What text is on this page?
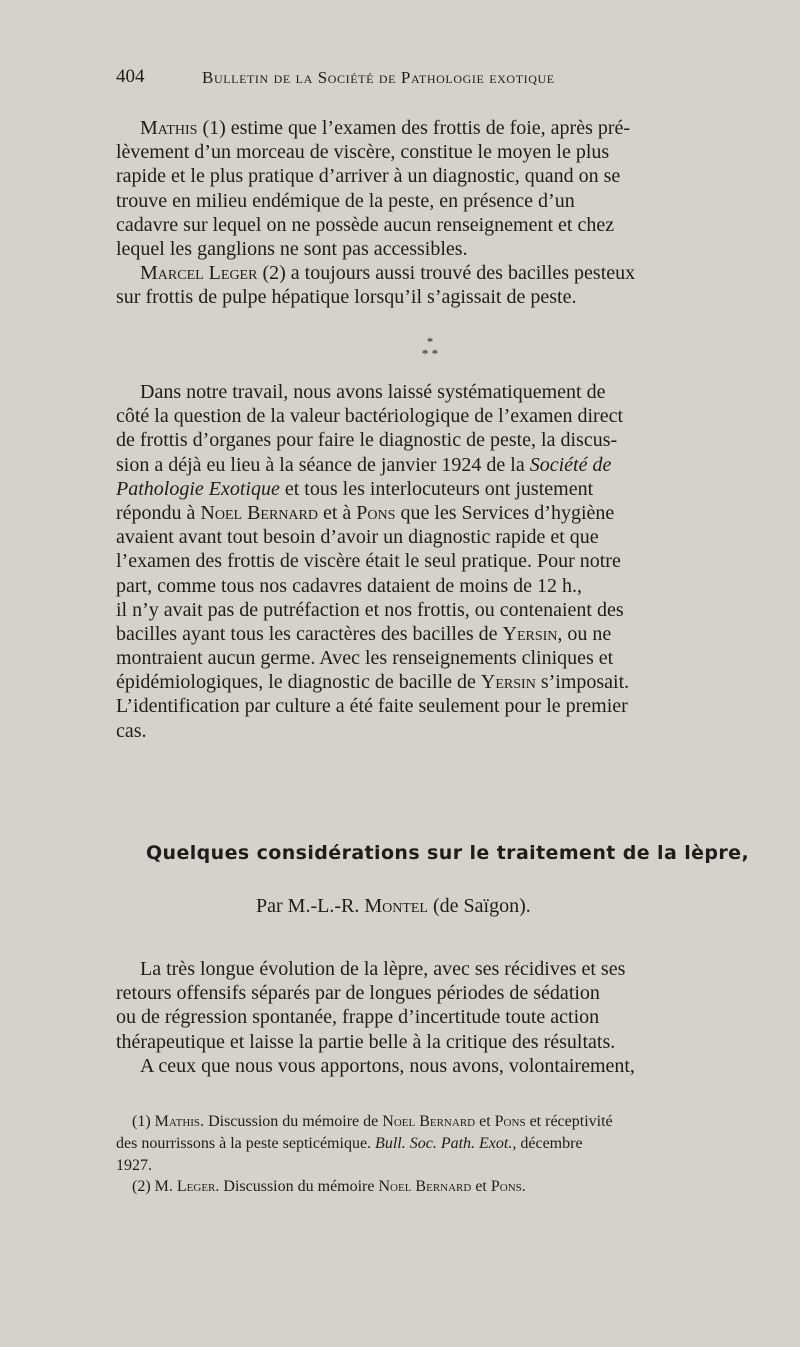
404	Bulletin de la Société de Pathologie exotique
Mathis (1) estime que l’examen des frottis de foie, après pré-
lèvement d’un morceau de viscère, constitue le moyen le plus
rapide et le plus pratique d’arriver à un diagnostic, quand on se
trouve en milieu endémique de la peste, en présence d’un
cadavre sur lequel on ne possède aucun renseignement et chez
lequel les ganglions ne sont pas accessibles.
Marcel Leger (2) a toujours aussi trouvé des bacilles pesteux
sur frottis de pulpe hépatique lorsqu’il s’agissait de peste.
*
* *
Dans notre travail, nous avons laissé systématiquement de
côté la question de la valeur bactériologique de l’examen direct
de frottis d’organes pour faire le diagnostic de peste, la discus-
sion a déjà eu lieu à la séance de janvier 1924 de la Société de
Pathologie Exotique et tous les interlocuteurs ont justement
répondu à Noel Bernard et à Pons que les Services d’hygiène
avaient avant tout besoin d’avoir un diagnostic rapide et que
l’examen des frottis de viscère était le seul pratique. Pour notre
part, comme tous nos cadavres dataient de moins de 12 h.,
il n’y avait pas de putréfaction et nos frottis, ou contenaient des
bacilles ayant tous les caractères des bacilles de Yersin, ou ne
montraient aucun germe. Avec les renseignements cliniques et
épidémiologiques, le diagnostic de bacille de Yersin s’imposait.
L’identification par culture a été faite seulement pour le premier
cas.
Quelques considérations sur le traitement de la lèpre,
Par M.-L.-R. Montel (de Saïgon).
La très longue évolution de la lèpre, avec ses récidives et ses
retours offensifs séparés par de longues périodes de sédation
ou de régression spontanée, frappe d’incertitude toute action
thérapeutique et laisse la partie belle à la critique des résultats.
A ceux que nous vous apportons, nous avons, volontairement,
(1) Mathis. Discussion du mémoire de Noel Bernard et Pons et réceptivité
des nourrissons à la peste septicémique. Bull. Soc. Path. Exot., décembre
1927.
(2) M. Leger. Discussion du mémoire Noel Bernard et Pons.
